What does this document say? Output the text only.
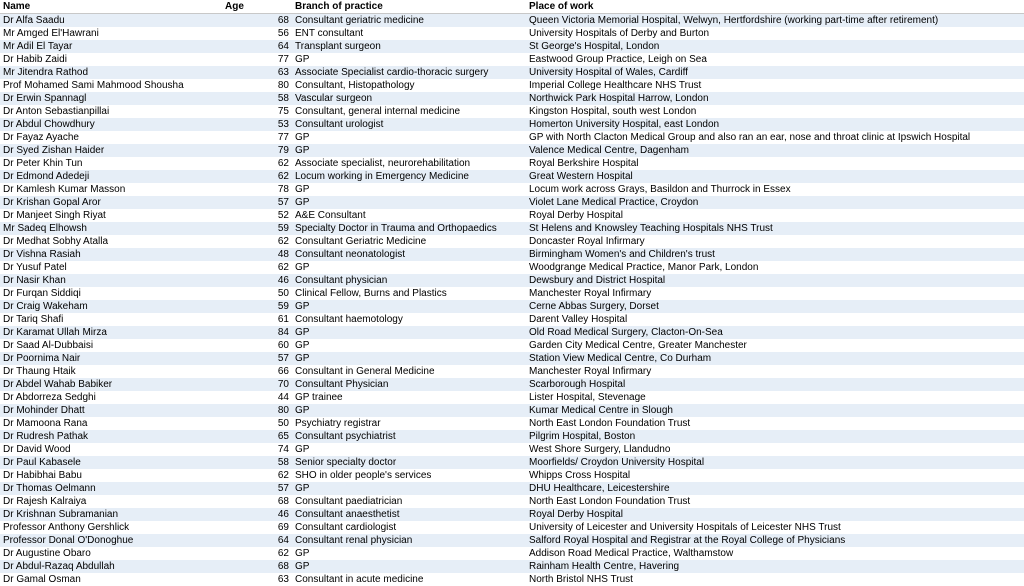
Name	Age	Branch of practice	Place of work
Dr Alfa Saadu	68	Consultant geriatric medicine	Queen Victoria Memorial Hospital, Welwyn, Hertfordshire (working part-time after retirement)
Mr Amged El'Hawrani	56	ENT consultant	University Hospitals of Derby and Burton
Mr Adil El Tayar	64	Transplant surgeon	St George's Hospital, London
Dr Habib Zaidi	77	GP	Eastwood Group Practice, Leigh on Sea
Mr Jitendra Rathod	63	Associate Specialist cardio-thoracic surgery	University Hospital of Wales, Cardiff
Prof Mohamed Sami Mahmood Shousha	80	Consultant, Histopathology	Imperial College Healthcare NHS Trust
Dr Erwin Spannagl	58	Vascular surgeon	Northwick Park Hospital Harrow, London
Dr Anton Sebastianpillai	75	Consultant, general internal medicine	Kingston Hospital, south west London
Dr Abdul Chowdhury	53	Consultant urologist	Homerton University Hospital, east London
Dr Fayaz Ayache	77	GP	GP with North Clacton Medical Group and also ran an ear, nose and throat clinic at Ipswich Hospital
Dr Syed Zishan Haider	79	GP	Valence Medical Centre, Dagenham
Dr Peter Khin Tun	62	Associate specialist, neurorehabilitation	Royal Berkshire Hospital
Dr Edmond Adedeji	62	Locum working in Emergency Medicine	Great Western Hospital
Dr Kamlesh Kumar Masson	78	GP	Locum work across Grays, Basildon and Thurrock in Essex
Dr Krishan Gopal Aror	57	GP	Violet Lane Medical Practice, Croydon
Dr Manjeet Singh Riyat	52	A&E Consultant	Royal Derby Hospital
Mr Sadeq Elhowsh	59	Specialty Doctor in Trauma and Orthopaedics	St Helens and Knowsley Teaching Hospitals NHS Trust
Dr Medhat Sobhy Atalla	62	Consultant Geriatric Medicine	Doncaster Royal Infirmary
Dr Vishna Rasiah	48	Consultant neonatologist	Birmingham Women's and Children's trust
Dr Yusuf Patel	62	GP	Woodgrange Medical Practice, Manor Park, London
Dr Nasir Khan	46	Consultant physician	Dewsbury and District Hospital
Dr Furqan Siddiqi	50	Clinical Fellow, Burns and Plastics	Manchester Royal Infirmary
Dr Craig Wakeham	59	GP	Cerne Abbas Surgery, Dorset
Dr Tariq Shafi	61	Consultant haemotology	Darent Valley Hospital
Dr Karamat Ullah Mirza	84	GP	Old Road Medical Surgery, Clacton-On-Sea
Dr Saad Al-Dubbaisi	60	GP	Garden City Medical Centre, Greater Manchester
Dr Poornima Nair	57	GP	Station View Medical Centre, Co Durham
Dr Thaung Htaik	66	Consultant in General Medicine	Manchester Royal Infirmary
Dr Abdel Wahab Babiker	70	Consultant Physician	Scarborough Hospital
Dr Abdorreza Sedghi	44	GP trainee	Lister Hospital, Stevenage
Dr Mohinder Dhatt	80	GP	Kumar Medical Centre in Slough
Dr Mamoona Rana	50	Psychiatry registrar	North East London Foundation Trust
Dr Rudresh Pathak	65	Consultant psychiatrist	Pilgrim Hospital, Boston
Dr David Wood	74	GP	West Shore Surgery, Llandudno
Dr Paul Kabasele	58	Senior specialty doctor	Moorfields/ Croydon University Hospital
Dr Habibhai Babu	62	SHO in older people's services	Whipps Cross Hospital
Dr Thomas Oelmann	57	GP	DHU Healthcare, Leicestershire
Dr Rajesh Kalraiya	68	Consultant paediatrician	North East London Foundation Trust
Dr Krishnan Subramanian	46	Consultant anaesthetist	Royal Derby Hospital
Professor Anthony Gershlick	69	Consultant cardiologist	University of Leicester and University Hospitals of Leicester NHS Trust
Professor Donal O'Donoghue	64	Consultant renal physician	Salford Royal Hospital and Registrar at the Royal College of Physicians
Dr Augustine Obaro	62	GP	Addison Road Medical Practice, Walthamstow
Dr Abdul-Razaq Abdullah	68	GP	Rainham Health Centre, Havering
Dr Gamal Osman	63	Consultant in acute medicine	North Bristol NHS Trust
